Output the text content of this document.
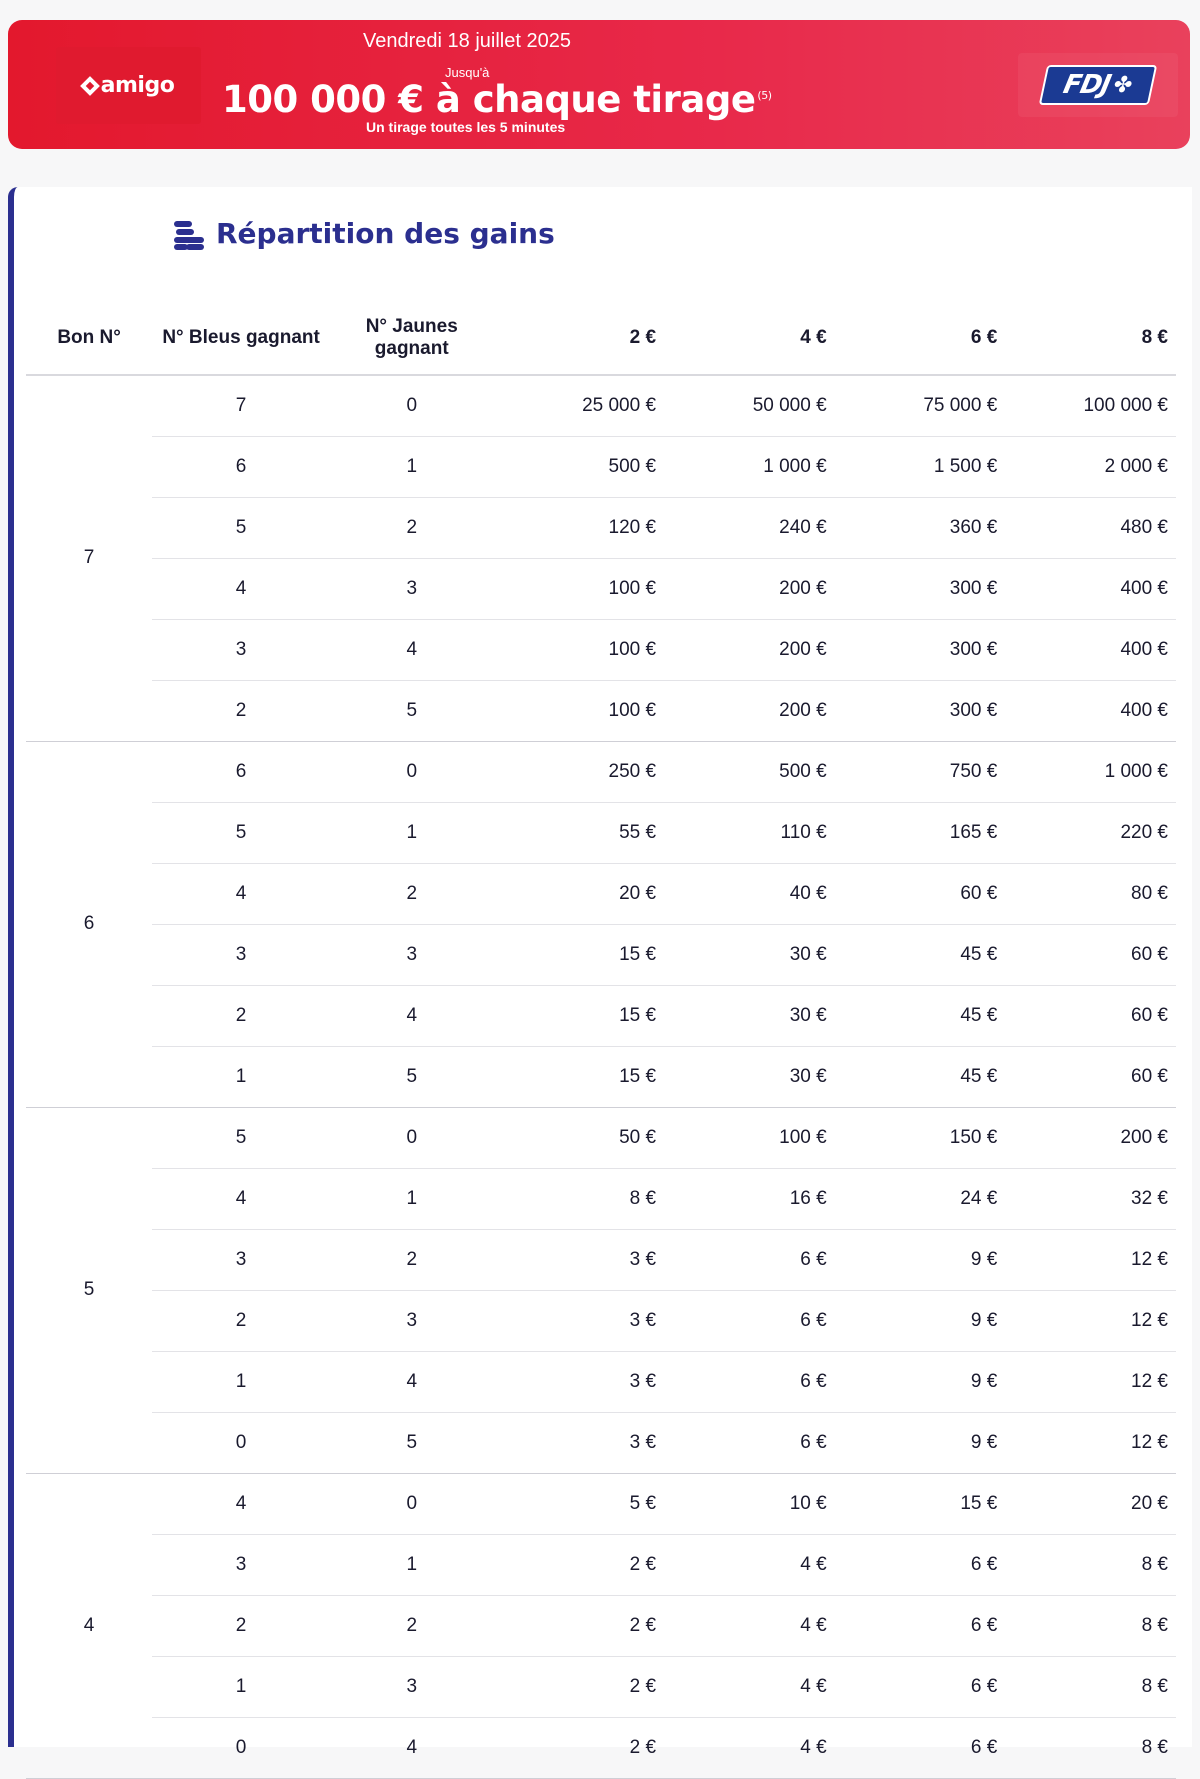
amigo
Vendredi 18 juillet 2025
Jusqu'à
100 000 € à chaque tirage $^{(5)}$
Un tirage toutes les 5 minutes
FDJ
✤
Répartition des gains
Bon N°	N° Bleus gagnant	N° Jaunes gagnant	2 €	4 €	6 €	8 €
7	7	0	25 000 €	50 000 €	75 000 €	100 000 €
	6	1	500 €	1 000 €	1 500 €	2 000 €
	5	2	120 €	240 €	360 €	480 €
	4	3	100 €	200 €	300 €	400 €
	3	4	100 €	200 €	300 €	400 €
	2	5	100 €	200 €	300 €	400 €
6	6	0	250 €	500 €	750 €	1 000 €
	5	1	55 €	110 €	165 €	220 €
	4	2	20 €	40 €	60 €	80 €
	3	3	15 €	30 €	45 €	60 €
	2	4	15 €	30 €	45 €	60 €
	1	5	15 €	30 €	45 €	60 €
5	5	0	50 €	100 €	150 €	200 €
	4	1	8 €	16 €	24 €	32 €
	3	2	3 €	6 €	9 €	12 €
	2	3	3 €	6 €	9 €	12 €
	1	4	3 €	6 €	9 €	12 €
	0	5	3 €	6 €	9 €	12 €
4	4	0	5 €	10 €	15 €	20 €
	3	1	2 €	4 €	6 €	8 €
	2	2	2 €	4 €	6 €	8 €
	1	3	2 €	4 €	6 €	8 €
	0	4	2 €	4 €	6 €	8 €
